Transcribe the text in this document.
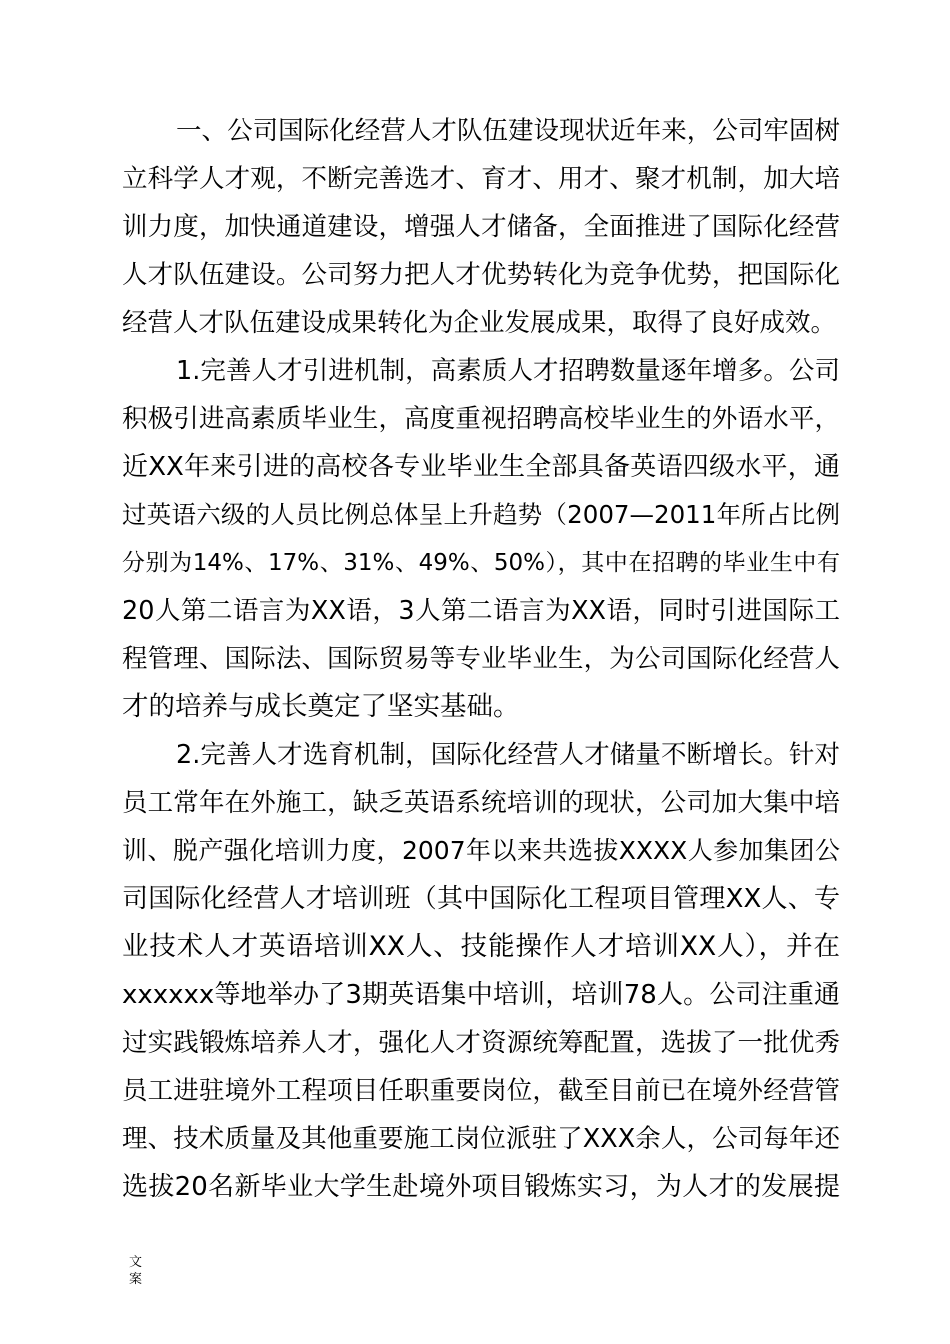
一、公司国际化经营人才队伍建设现状近年来，公司牢固树
立科学人才观，不断完善选才、育才、用才、聚才机制，加大培
训力度，加快通道建设，增强人才储备，全面推进了国际化经营
人才队伍建设。公司努力把人才优势转化为竞争优势，把国际化
经营人才队伍建设成果转化为企业发展成果，取得了良好成效。
1.完善人才引进机制，高素质人才招聘数量逐年增多。公司
积极引进高素质毕业生，高度重视招聘高校毕业生的外语水平，
近XX年来引进的高校各专业毕业生全部具备英语四级水平，通
过英语六级的人员比例总体呈上升趋势（2007—2011年所占比例
分别为14%、17%、31%、49%、50%），其中在招聘的毕业生中有
20人第二语言为XX语，3人第二语言为XX语，同时引进国际工
程管理、国际法、国际贸易等专业毕业生，为公司国际化经营人
才的培养与成长奠定了坚实基础。
2.完善人才选育机制，国际化经营人才储量不断增长。针对
员工常年在外施工，缺乏英语系统培训的现状，公司加大集中培
训、脱产强化培训力度，2007年以来共选拔XXXX人参加集团公
司国际化经营人才培训班（其中国际化工程项目管理XX人、专
业技术人才英语培训XX人、技能操作人才培训XX人），并在
xxxxxx等地举办了3期英语集中培训，培训78人。公司注重通
过实践锻炼培养人才，强化人才资源统筹配置，选拔了一批优秀
员工进驻境外工程项目任职重要岗位，截至目前已在境外经营管
理、技术质量及其他重要施工岗位派驻了XXX余人，公司每年还
选拔20名新毕业大学生赴境外项目锻炼实习，为人才的发展提
文
案
